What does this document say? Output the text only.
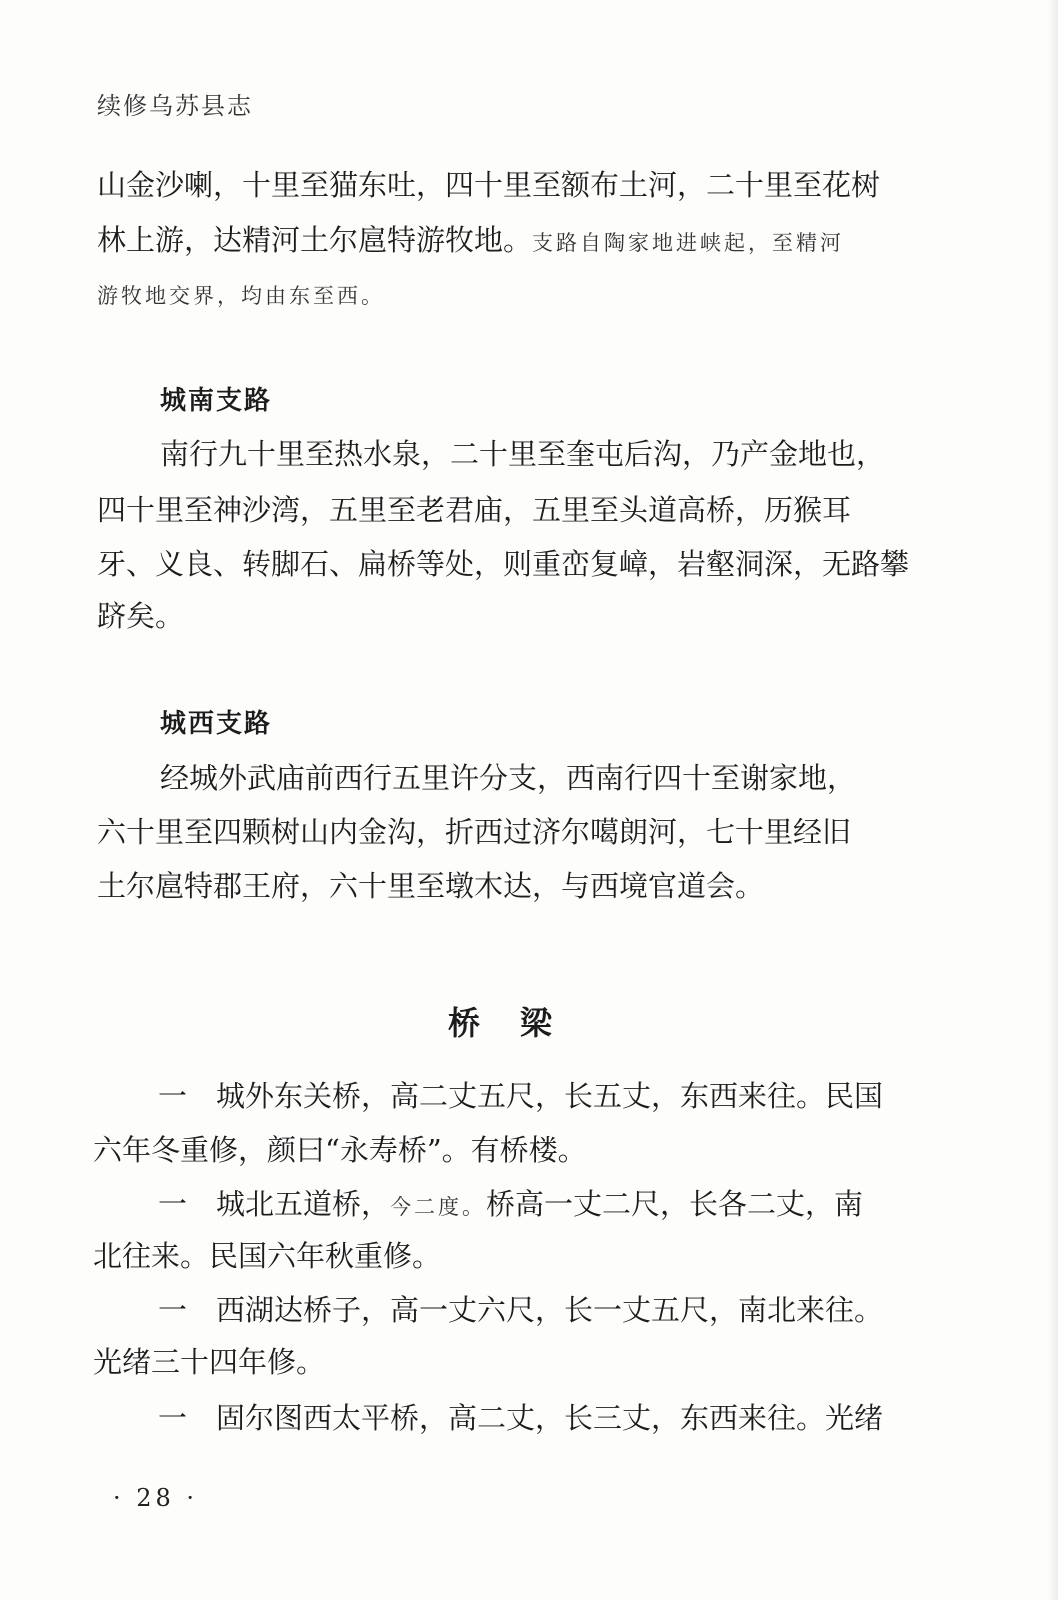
续修乌苏县志
山金沙喇，十里至猫东吐，四十里至额布土河，二十里至花树
林上游，达精河土尔扈特游牧地。支路自陶家地进峡起，至精河
游牧地交界，均由东至西。
城南支路
南行九十里至热水泉，二十里至奎屯后沟，乃产金地也，
四十里至神沙湾，五里至老君庙，五里至头道高桥，历猴耳
牙、义良、转脚石、扁桥等处，则重峦复嶂，岩壑洞深，无路攀
跻矣。
城西支路
经城外武庙前西行五里许分支，西南行四十至谢家地，
六十里至四颗树山内金沟，折西过济尔噶朗河，七十里经旧
土尔扈特郡王府，六十里至墩木达，与西境官道会。
桥梁
一　城外东关桥，高二丈五尺，长五丈，东西来往。民国
六年冬重修，颜曰“永寿桥”。有桥楼。
一　城北五道桥，今二度。桥高一丈二尺，长各二丈，南
北往来。民国六年秋重修。
一　西湖达桥子，高一丈六尺，长一丈五尺，南北来往。
光绪三十四年修。
一　固尔图西太平桥，高二丈，长三丈，东西来往。光绪
· 28 ·
